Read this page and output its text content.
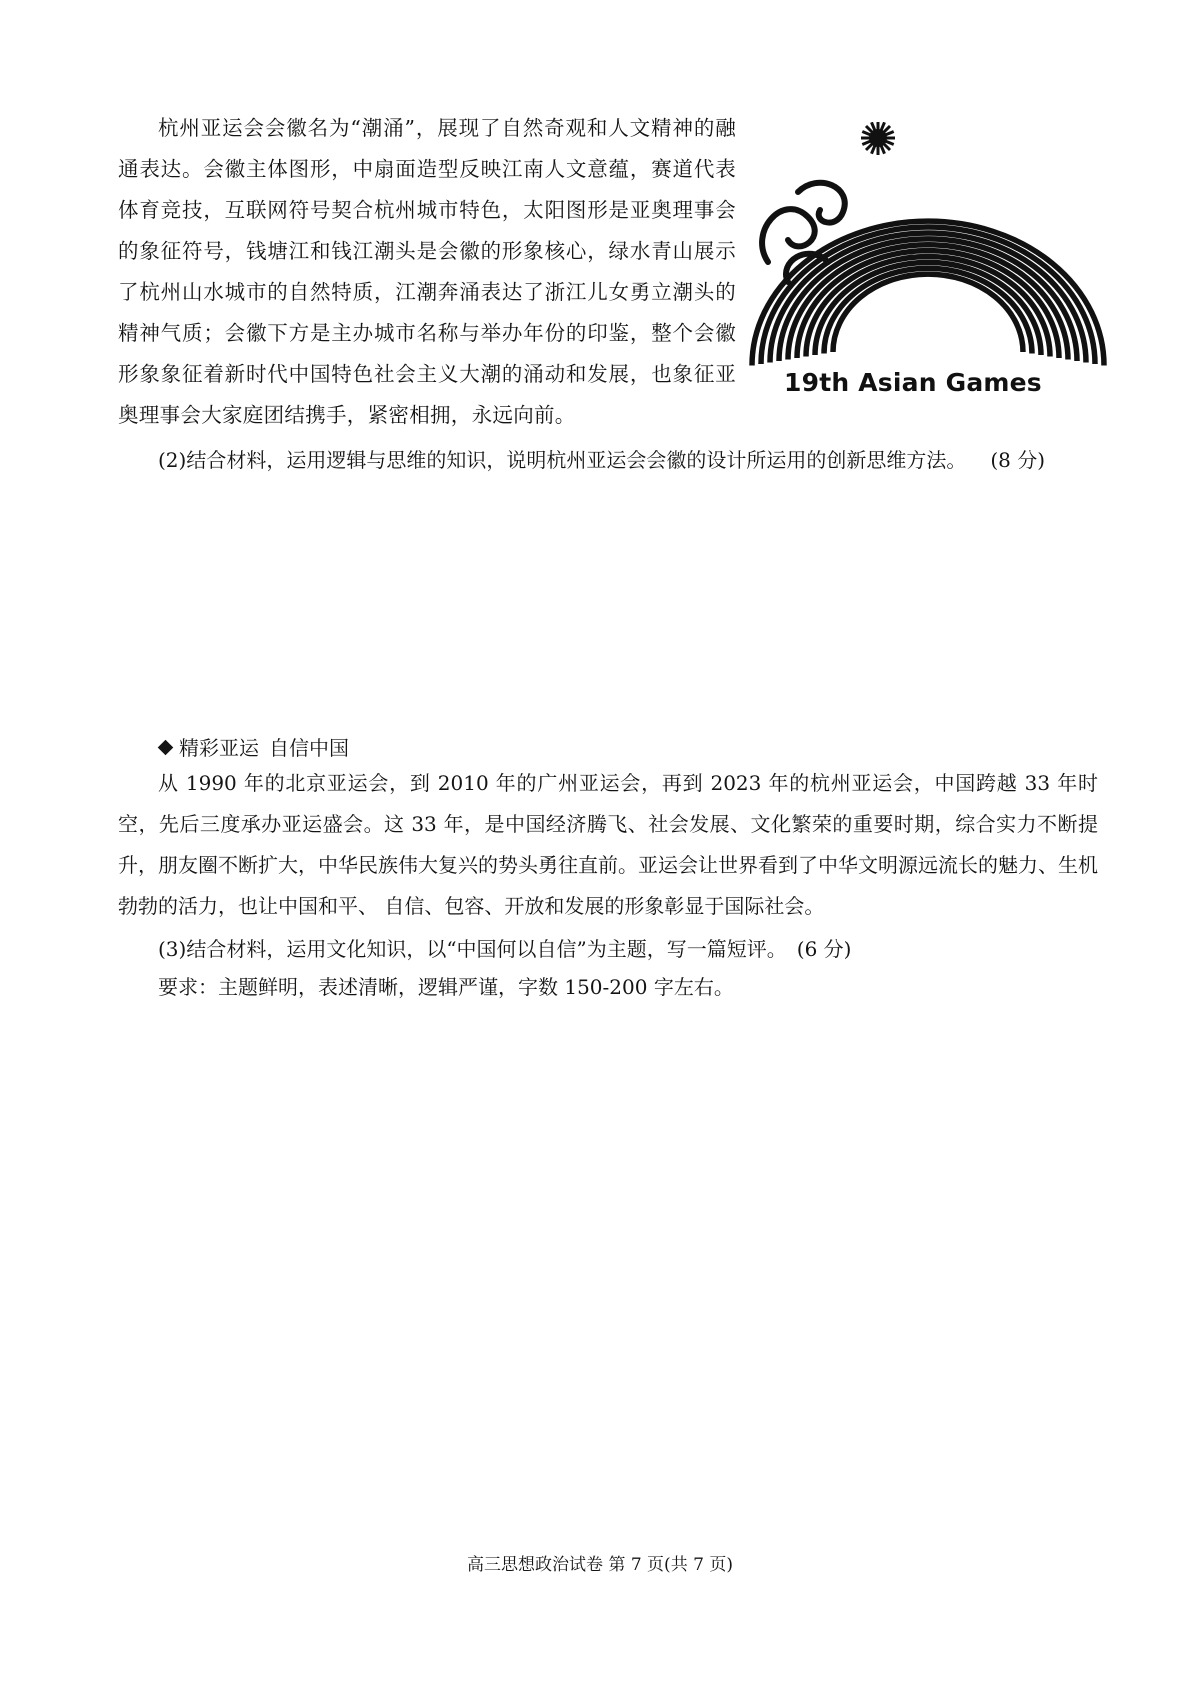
杭州亚运会会徽名为“潮涌”，展现了自然奇观和人文精神的融通表达。会徽主体图形，中扇面造型反映江南人文意蕴，赛道代表体育竞技，互联网符号契合杭州城市特色，太阳图形是亚奥理事会的象征符号，钱塘江和钱江潮头是会徽的形象核心，绿水青山展示了杭州山水城市的自然特质，江潮奔涌表达了浙江儿女勇立潮头的精神气质；会徽下方是主办城市名称与举办年份的印鉴，整个会徽形象象征着新时代中国特色社会主义大潮的涌动和发展，也象征亚奥理事会大家庭团结携手，紧密相拥，永远向前。

19th Asian Games

(2)结合材料，运用逻辑与思维的知识，说明杭州亚运会会徽的设计所运用的创新思维方法。 (8 分)

精彩亚运 自信中国

从 1990 年的北京亚运会，到 2010 年的广州亚运会，再到 2023 年的杭州亚运会，中国跨越 33 年时空，先后三度承办亚运盛会。这 33 年，是中国经济腾飞、社会发展、文化繁荣的重要时期，综合实力不断提升，朋友圈不断扩大，中华民族伟大复兴的势头勇往直前。亚运会让世界看到了中华文明源远流长的魅力、生机勃勃的活力，也让中国和平、 自信、包容、开放和发展的形象彰显于国际社会。

(3)结合材料，运用文化知识，以“中国何以自信”为主题，写一篇短评。 (6 分)

要求：主题鲜明，表述清晰，逻辑严谨，字数 150-200 字左右。

高三思想政治试卷 第 7 页(共 7 页)
